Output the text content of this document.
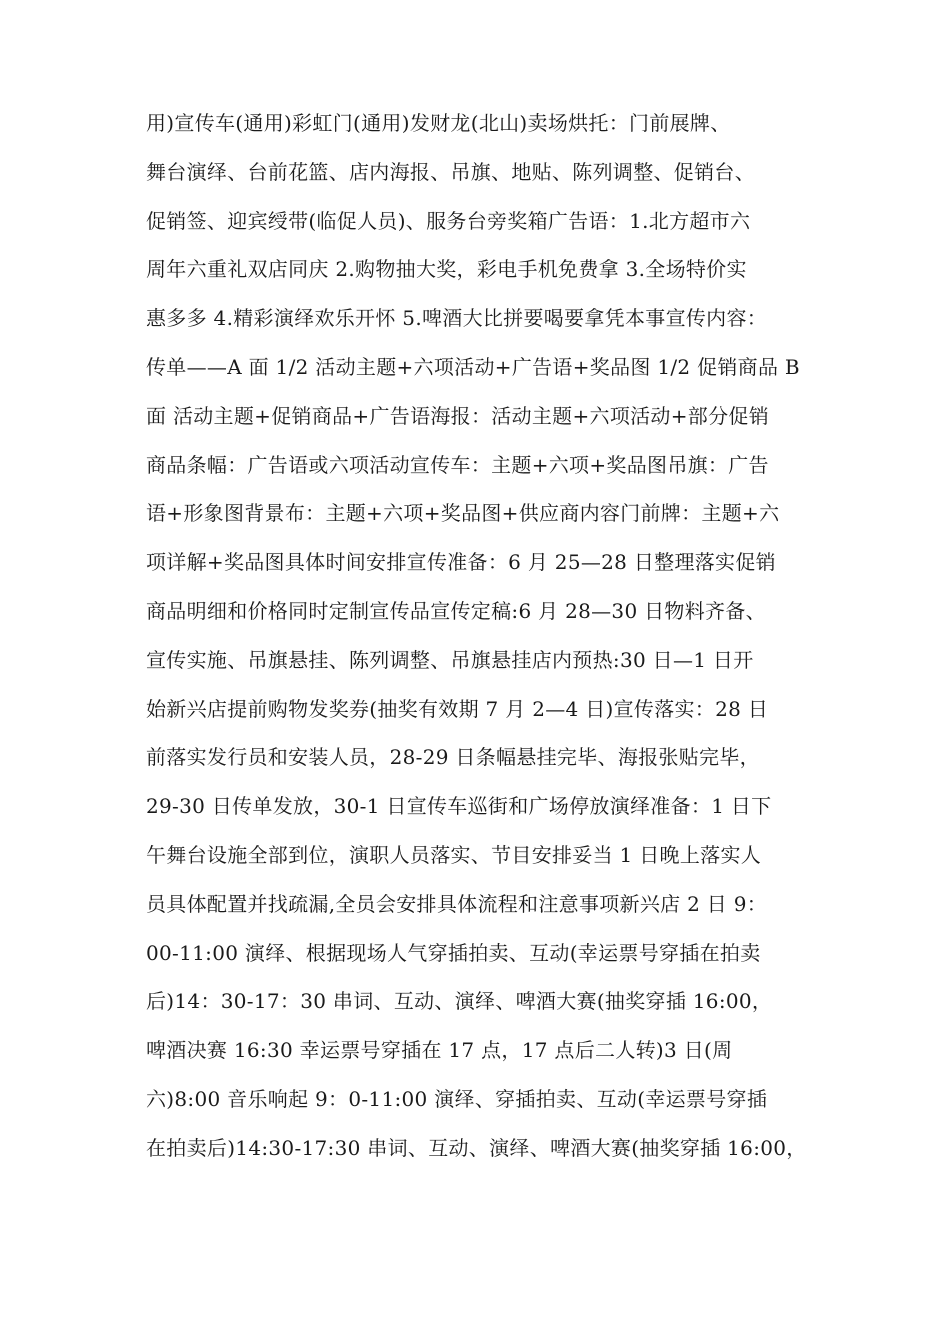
用)宣传车(通用)彩虹门(通用)发财龙(北山)卖场烘托：门前展牌、
舞台演绎、台前花篮、店内海报、吊旗、地贴、陈列调整、促销台、
促销签、迎宾绶带(临促人员)、服务台旁奖箱广告语：1.北方超市六
周年六重礼双店同庆 2.购物抽大奖，彩电手机免费拿 3.全场特价实
惠多多 4.精彩演绎欢乐开怀 5.啤酒大比拼要喝要拿凭本事宣传内容：
传单——A 面 1/2 活动主题+六项活动+广告语+奖品图 1/2 促销商品 B
面 活动主题+促销商品+广告语海报：活动主题+六项活动+部分促销
商品条幅：广告语或六项活动宣传车：主题+六项+奖品图吊旗：广告
语+形象图背景布：主题+六项+奖品图+供应商内容门前牌：主题+六
项详解+奖品图具体时间安排宣传准备：6 月 25—28 日整理落实促销
商品明细和价格同时定制宣传品宣传定稿:6 月 28—30 日物料齐备、
宣传实施、吊旗悬挂、陈列调整、吊旗悬挂店内预热:30 日—1 日开
始新兴店提前购物发奖券(抽奖有效期 7 月 2—4 日)宣传落实：28 日
前落实发行员和安装人员，28-29 日条幅悬挂完毕、海报张贴完毕，
29-30 日传单发放，30-1 日宣传车巡街和广场停放演绎准备：1 日下
午舞台设施全部到位，演职人员落实、节目安排妥当 1 日晚上落实人
员具体配置并找疏漏,全员会安排具体流程和注意事项新兴店 2 日 9：
00-11:00 演绎、根据现场人气穿插拍卖、互动(幸运票号穿插在拍卖
后)14：30-17：30 串词、互动、演绎、啤酒大赛(抽奖穿插 16:00，
啤酒决赛 16:30 幸运票号穿插在 17 点，17 点后二人转)3 日(周
六)8:00 音乐响起 9：0-11:00 演绎、穿插拍卖、互动(幸运票号穿插
在拍卖后)14:30-17:30 串词、互动、演绎、啤酒大赛(抽奖穿插 16:00，
